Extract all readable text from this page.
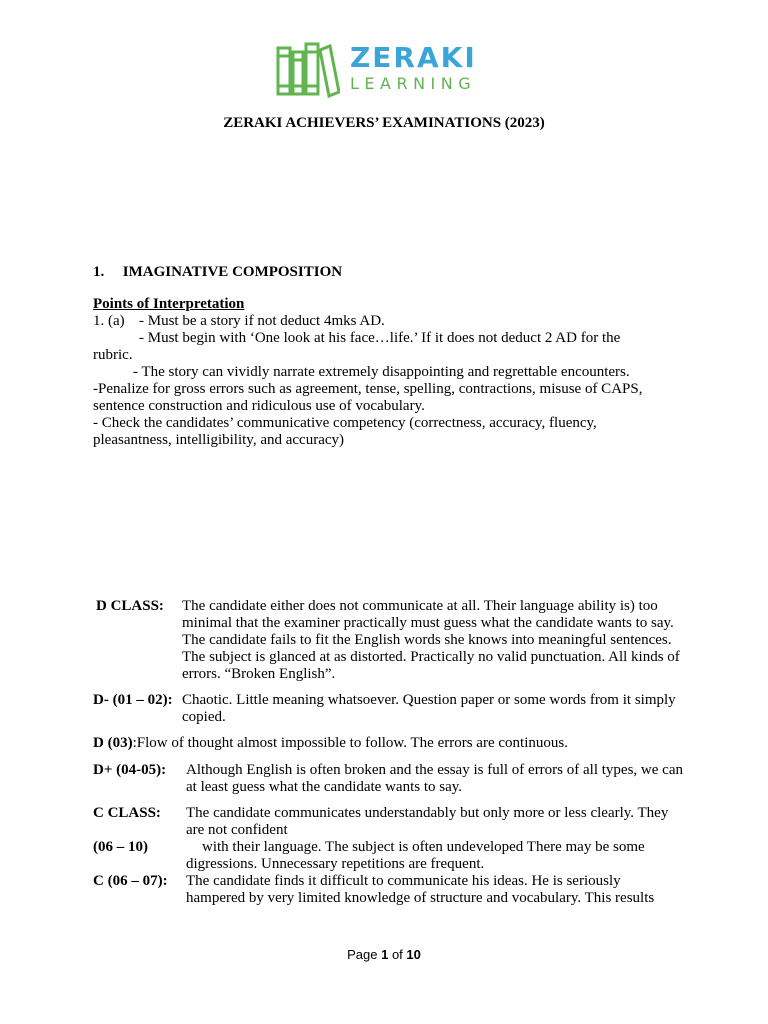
ZERAKI
LEARNING
ZERAKI ACHIEVERS’ EXAMINATIONS (2023)
1. IMAGINATIVE COMPOSITION
Points of Interpretation
1. (a) - Must be a story if not deduct 4mks AD.
- Must begin with ‘One look at his face…life.’ If it does not deduct 2 AD for the rubric.
- The story can vividly narrate extremely disappointing and regrettable encounters.
-Penalize for gross errors such as agreement, tense, spelling, contractions, misuse of CAPS, sentence construction and ridiculous use of vocabulary.
- Check the candidates’ communicative competency (correctness, accuracy, fluency, pleasantness, intelligibility, and accuracy)
D CLASS:	The candidate either does not communicate at all. Their language ability is) too minimal that the examiner practically must guess what the candidate wants to say. The candidate fails to fit the English words she knows into meaningful sentences. The subject is glanced at as distorted. Practically no valid punctuation. All kinds of errors. “Broken English”.
D- (01 – 02): Chaotic. Little meaning whatsoever. Question paper or some words from it simply copied.
D (03):Flow of thought almost impossible to follow. The errors are continuous.
D+ (04-05):	Although English is often broken and the essay is full of errors of all types, we can at least guess what the candidate wants to say.
C CLASS:	The candidate communicates understandably but only more or less clearly. They are not confident
(06 – 10)	with their language. The subject is often undeveloped There may be some digressions. Unnecessary repetitions are frequent.
C (06 – 07):	The candidate finds it difficult to communicate his ideas. He is seriously hampered by very limited knowledge of structure and vocabulary. This results
Page 1 of 10
